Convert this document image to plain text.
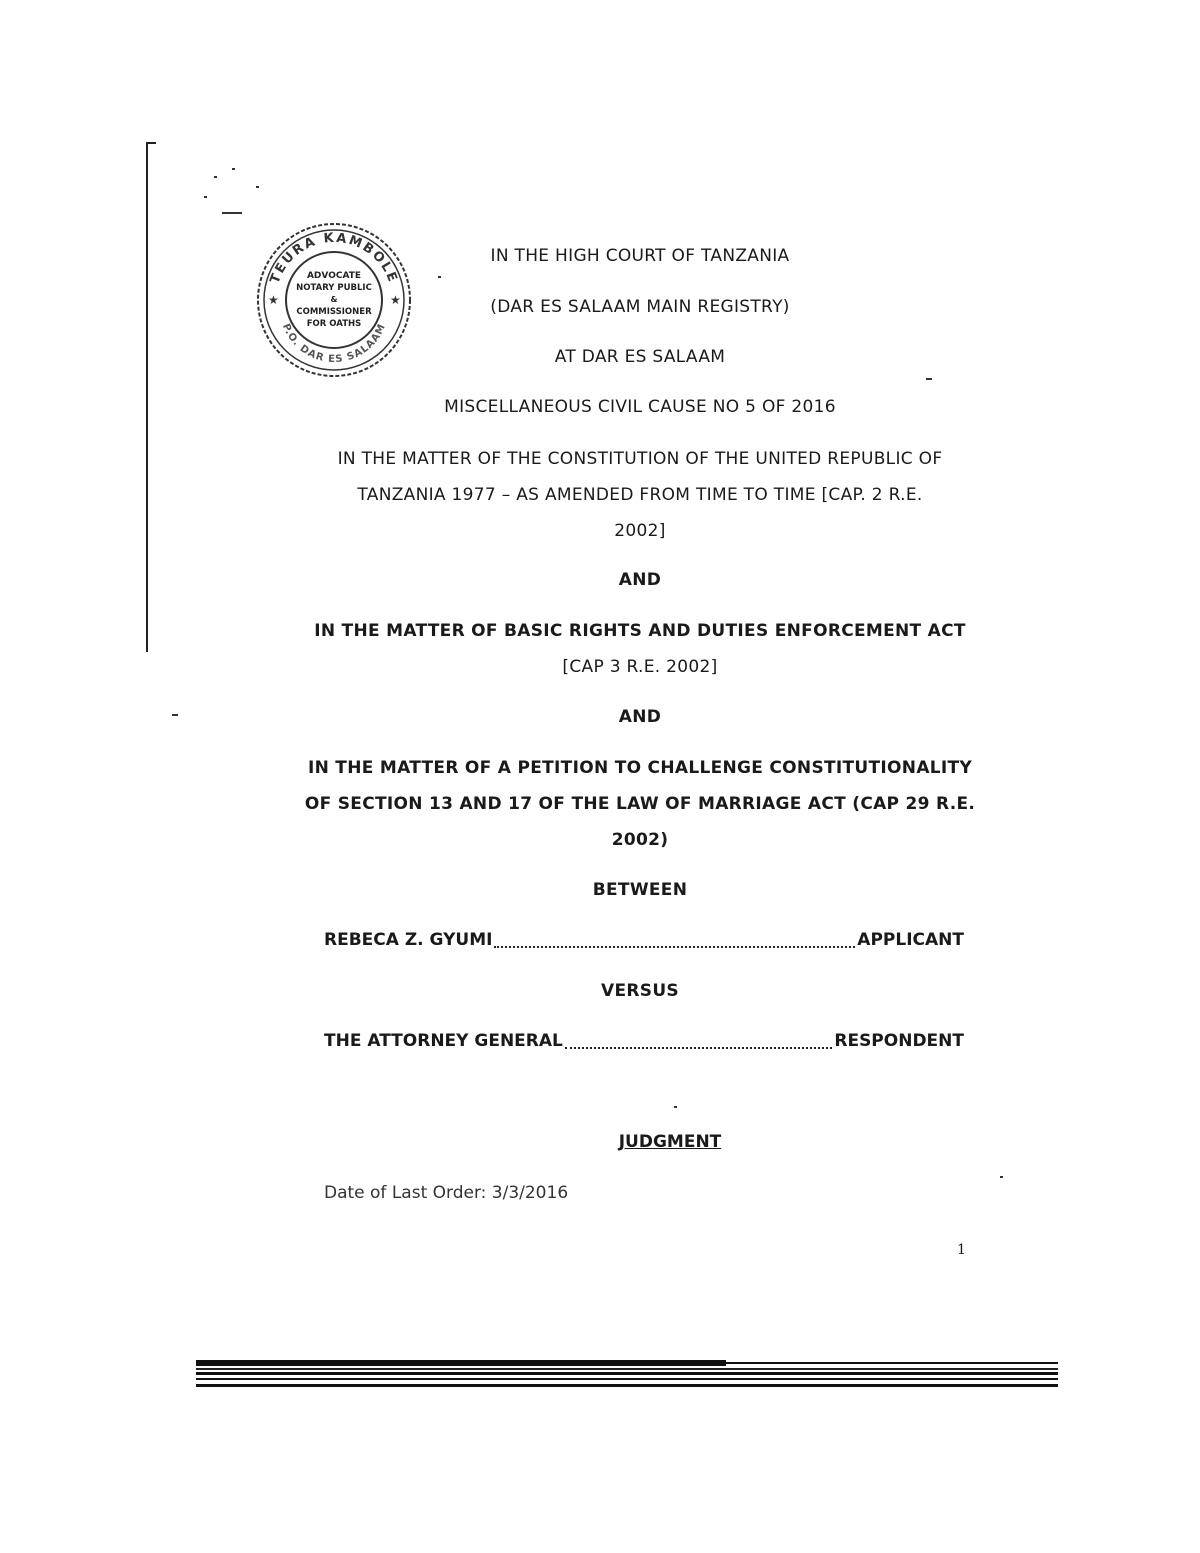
TEURA KAMBOLE
P.O. DAR ES SALAAM
★	★
ADVOCATE
NOTARY PUBLIC
&
COMMISSIONER
FOR OATHS
IN THE HIGH COURT OF TANZANIA
(DAR ES SALAAM MAIN REGISTRY)
AT DAR ES SALAAM
MISCELLANEOUS CIVIL CAUSE NO 5 OF 2016
IN THE MATTER OF THE CONSTITUTION OF THE UNITED REPUBLIC OF
TANZANIA 1977 – AS AMENDED FROM TIME TO TIME [CAP. 2 R.E.
2002]
AND
IN THE MATTER OF BASIC RIGHTS AND DUTIES ENFORCEMENT ACT
[CAP 3 R.E. 2002]
AND
IN THE MATTER OF A PETITION TO CHALLENGE CONSTITUTIONALITY
OF SECTION 13 AND 17 OF THE LAW OF MARRIAGE ACT (CAP 29 R.E.
2002)
BETWEEN
REBECA Z. GYUMI	APPLICANT
VERSUS
THE ATTORNEY GENERAL	RESPONDENT
JUDGMENT
Date of Last Order: 3/3/2016
1
